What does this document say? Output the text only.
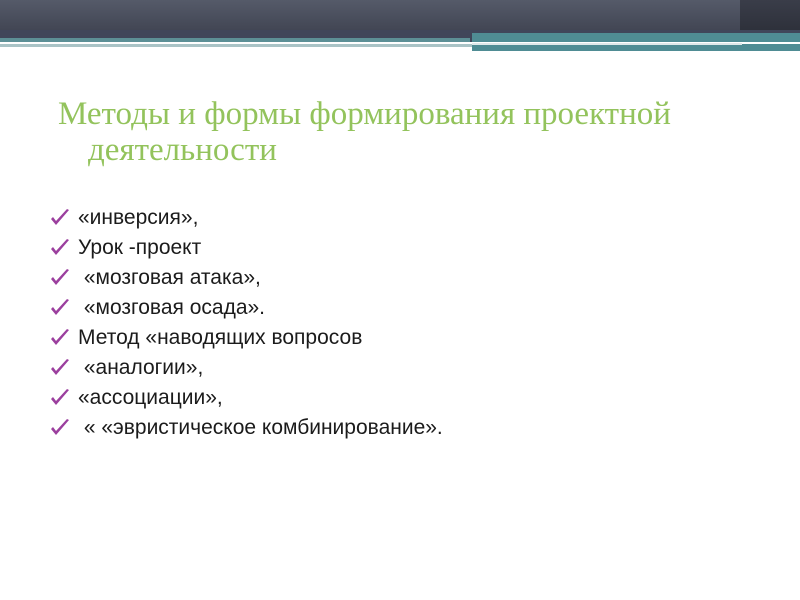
Методы и формы формирования проектной
деятельности
«инверсия»,
Урок -проект
«мозговая атака»,
«мозговая осада».
Метод «наводящих вопросов
«аналогии»,
«ассоциации»,
« «эвристическое комбинирование».
